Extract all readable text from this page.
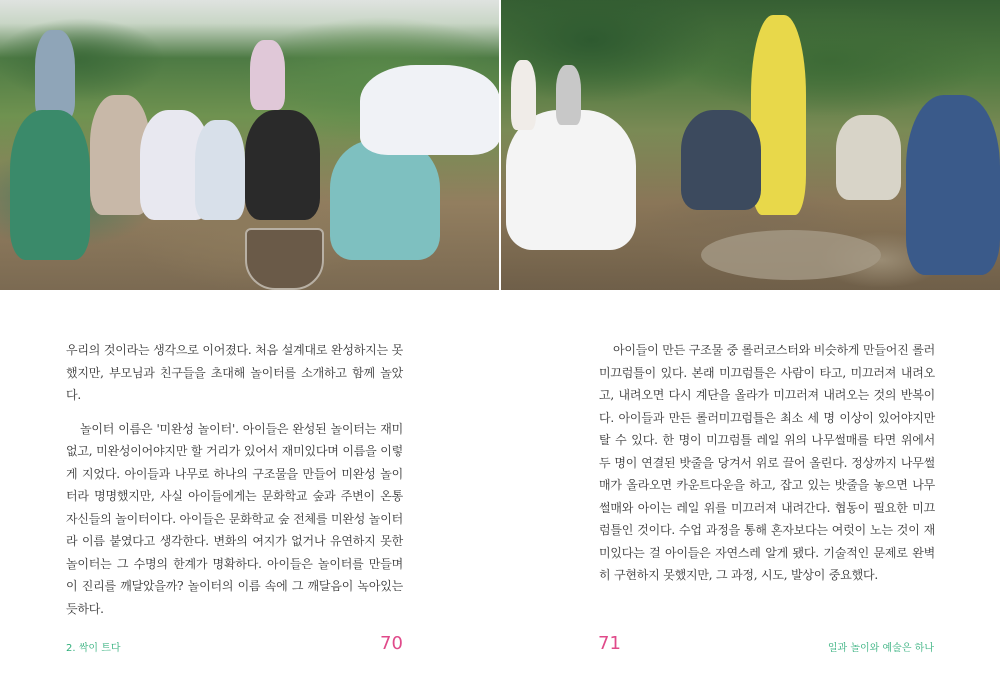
우리의 것이라는 생각으로 이어졌다. 처음 설계대로 완성하지는 못했지만, 부모님과 친구들을 초대해 놀이터를 소개하고 함께 놀았다.

놀이터 이름은 '미완성 놀이터'. 아이들은 완성된 놀이터는 재미없고, 미완성이어야지만 할 거리가 있어서 재미있다며 이름을 이렇게 지었다. 아이들과 나무로 하나의 구조물을 만들어 미완성 놀이터라 명명했지만, 사실 아이들에게는 문화학교 숲과 주변이 온통 자신들의 놀이터이다. 아이들은 문화학교 숲 전체를 미완성 놀이터라 이름 붙였다고 생각한다. 변화의 여지가 없거나 유연하지 못한 놀이터는 그 수명의 한계가 명확하다. 아이들은 놀이터를 만들며 이 진리를 깨달았을까? 놀이터의 이름 속에 그 깨달음이 녹아있는 듯하다.

아이들이 만든 구조물 중 롤러코스터와 비슷하게 만들어진 롤러미끄럼틀이 있다. 본래 미끄럼틀은 사람이 타고, 미끄러져 내려오고, 내려오면 다시 계단을 올라가 미끄러져 내려오는 것의 반복이다. 아이들과 만든 롤러미끄럼틀은 최소 세 명 이상이 있어야지만 탈 수 있다. 한 명이 미끄럼틀 레일 위의 나무썰매를 타면 위에서 두 명이 연결된 밧줄을 당겨서 위로 끌어 올린다. 정상까지 나무썰매가 올라오면 카운트다운을 하고, 잡고 있는 밧줄을 놓으면 나무썰매와 아이는 레일 위를 미끄러져 내려간다. 협동이 필요한 미끄럼틀인 것이다. 수업 과정을 통해 혼자보다는 여럿이 노는 것이 재미있다는 걸 아이들은 자연스레 알게 됐다. 기술적인 문제로 완벽히 구현하지 못했지만, 그 과정, 시도, 발상이 중요했다.

2. 싹이 트다	70	71	일과 놀이와 예술은 하나
